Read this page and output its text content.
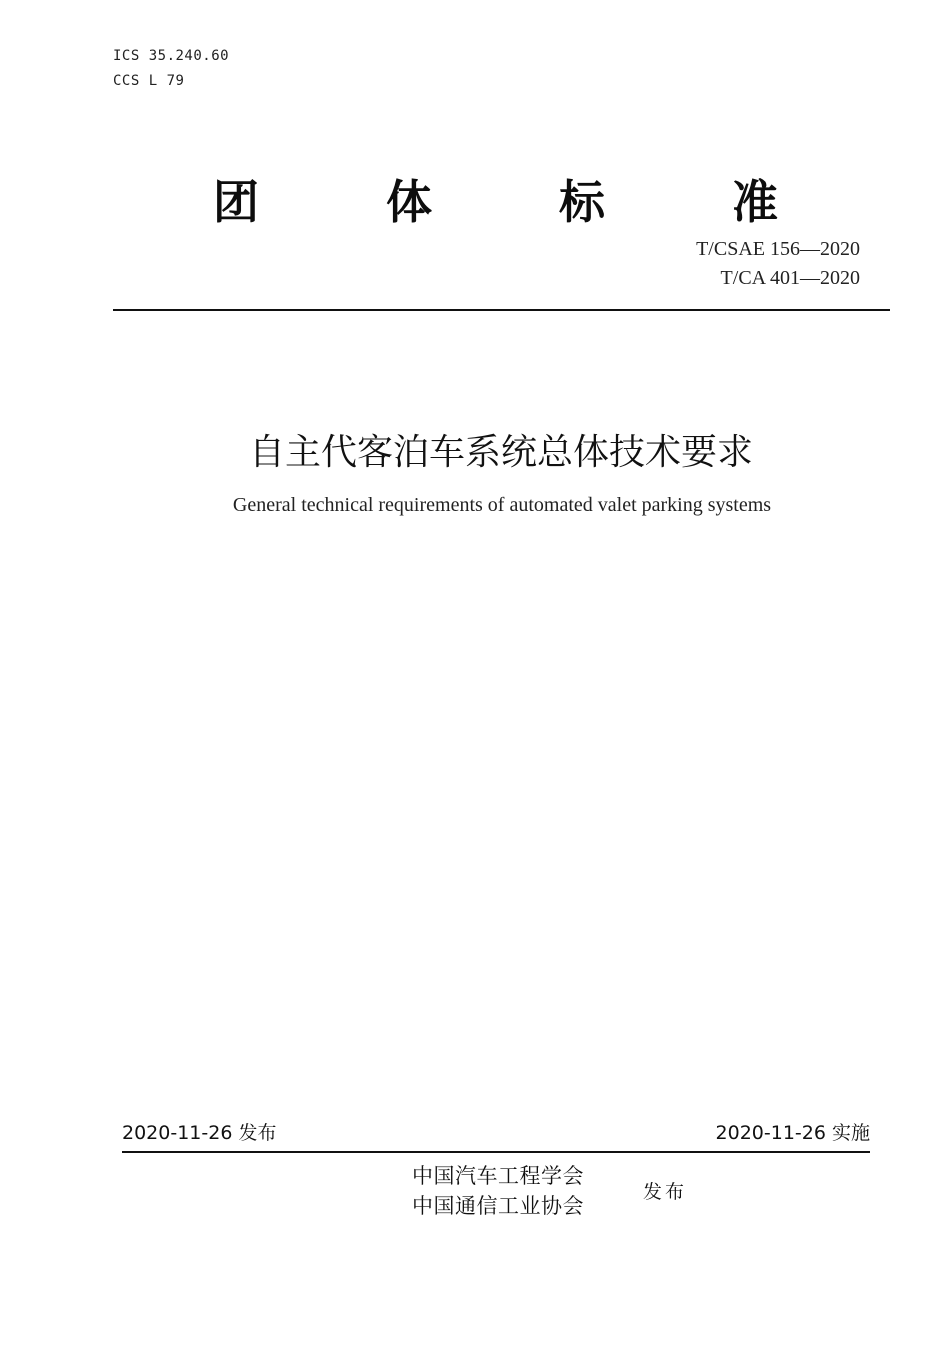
ICS 35.240.60
CCS L 79
团	体	标	准
T/CSAE 156—2020
T/CA 401—2020
自主代客泊车系统总体技术要求
General technical requirements of automated valet parking systems
2020-11-26 发布	2020-11-26 实施
中国汽车工程学会
中国通信工业协会
发布
